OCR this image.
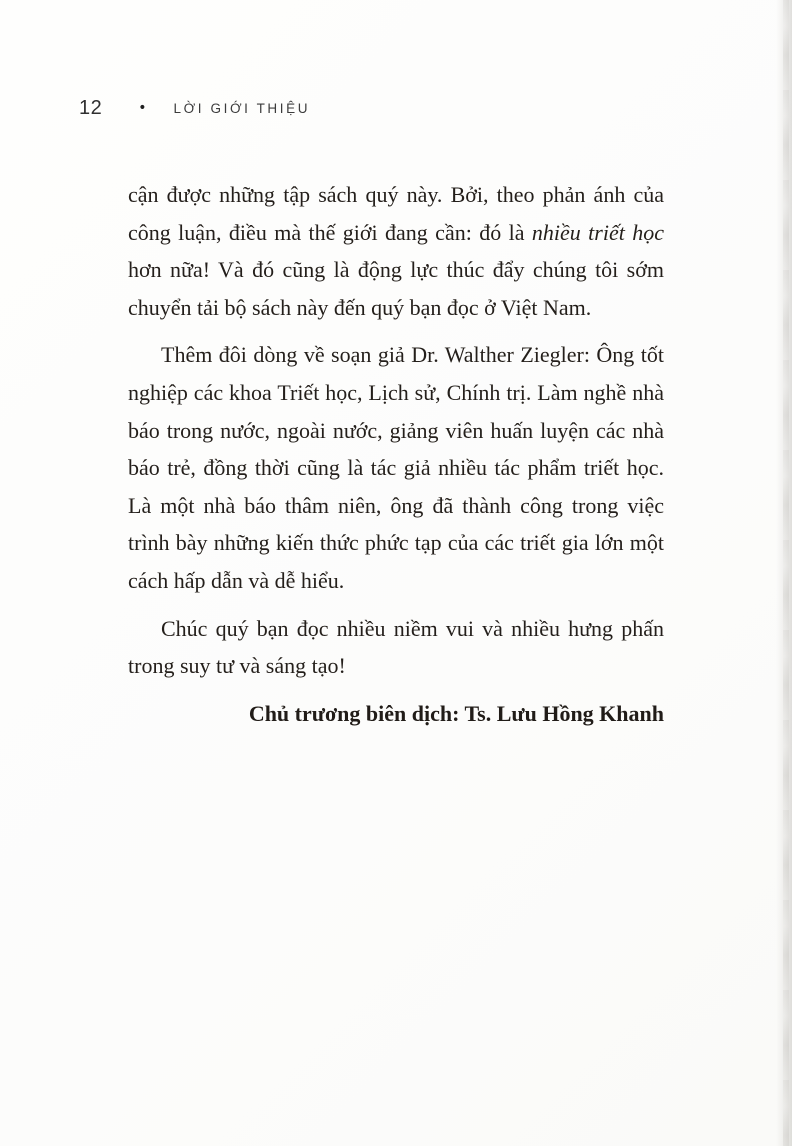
12	• LỜI GIỚI THIỆU

cận được những tập sách quý này. Bởi, theo phản ánh của công luận, điều mà thế giới đang cần: đó là nhiều triết học hơn nữa! Và đó cũng là động lực thúc đẩy chúng tôi sớm chuyển tải bộ sách này đến quý bạn đọc ở Việt Nam.

Thêm đôi dòng về soạn giả Dr. Walther Ziegler: Ông tốt nghiệp các khoa Triết học, Lịch sử, Chính trị. Làm nghề nhà báo trong nước, ngoài nước, giảng viên huấn luyện các nhà báo trẻ, đồng thời cũng là tác giả nhiều tác phẩm triết học. Là một nhà báo thâm niên, ông đã thành công trong việc trình bày những kiến thức phức tạp của các triết gia lớn một cách hấp dẫn và dễ hiểu.

Chúc quý bạn đọc nhiều niềm vui và nhiều hưng phấn trong suy tư và sáng tạo!

Chủ trương biên dịch: Ts. Lưu Hồng Khanh
